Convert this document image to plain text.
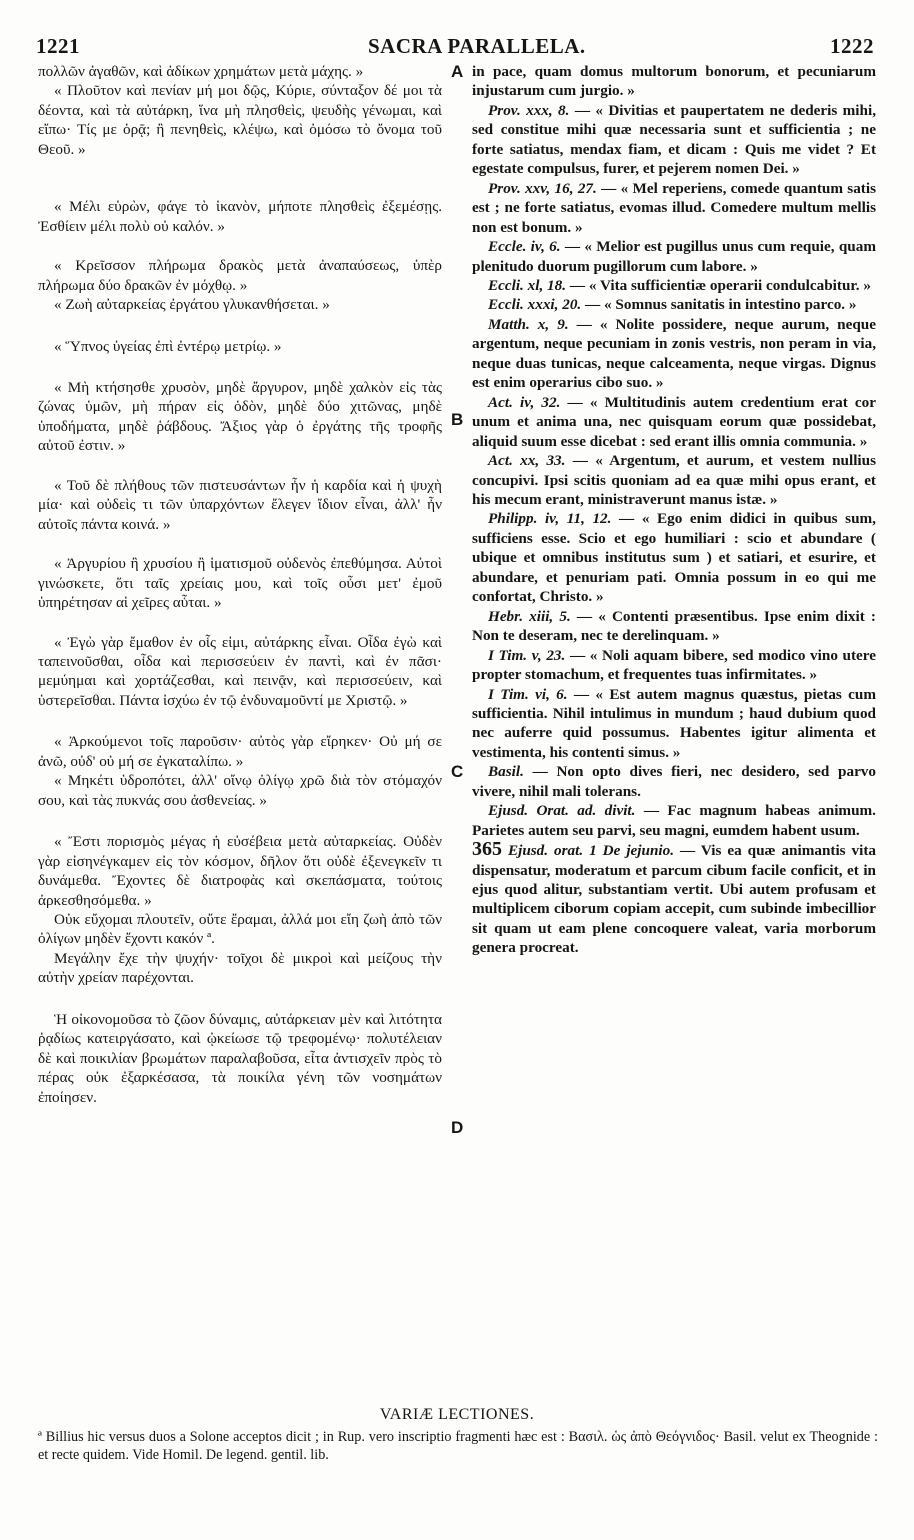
1221	SACRA PARALLELA.	1222
πολλῶν ἀγαθῶν, καὶ ἀδίκων χρημάτων μετὰ μάχης. »
« Πλοῦτον καὶ πενίαν μή μοι δῷς, Κύριε, σύνταξον δέ μοι τὰ δέοντα, καὶ τὰ αὐτάρκη, ἵνα μὴ πλησθεὶς, ψευδὴς γένωμαι, καὶ εἴπω· Τίς με ὁρᾷ; ἢ πενηθεὶς, κλέψω, καὶ ὀμόσω τὸ ὄνομα τοῦ Θεοῦ. »
« Μέλι εὑρὼν, φάγε τὸ ἱκανὸν, μήποτε πλησθεὶς ἐξεμέσῃς. Ἐσθίειν μέλι πολὺ οὐ καλόν. »
« Κρεῖσσον πλήρωμα δρακὸς μετὰ ἀναπαύσεως, ὑπὲρ πλήρωμα δύο δρακῶν ἐν μόχθῳ. »
« Ζωὴ αὐταρκείας ἐργάτου γλυκανθήσεται. »
« Ὕπνος ὑγείας ἐπὶ ἐντέρῳ μετρίῳ. »
« Μὴ κτήσησθε χρυσὸν, μηδὲ ἄργυρον, μηδὲ χαλκὸν εἰς τὰς ζώνας ὑμῶν, μὴ πήραν εἰς ὁδὸν, μηδὲ δύο χιτῶνας, μηδὲ ὑποδήματα, μηδὲ ῥάβδους. Ἄξιος γὰρ ὁ ἐργάτης τῆς τροφῆς αὐτοῦ ἐστιν. »
« Τοῦ δὲ πλήθους τῶν πιστευσάντων ἦν ἡ καρδία καὶ ἡ ψυχὴ μία· καὶ οὐδεὶς τι τῶν ὑπαρχόντων ἔλεγεν ἴδιον εἶναι, ἀλλ' ἦν αὐτοῖς πάντα κοινά. »
« Ἀργυρίου ἢ χρυσίου ἢ ἱματισμοῦ οὐδενὸς ἐπεθύμησα. Αὐτοὶ γινώσκετε, ὅτι ταῖς χρείαις μου, καὶ τοῖς οὖσι μετ' ἐμοῦ ὑπηρέτησαν αἱ χεῖρες αὗται. »
« Ἐγὼ γὰρ ἔμαθον ἐν οἷς εἰμι, αὐτάρκης εἶναι. Οἶδα ἐγὼ καὶ ταπεινοῦσθαι, οἶδα καὶ περισσεύειν ἐν παντὶ, καὶ ἐν πᾶσι· μεμύημαι καὶ χορτάζεσθαι, καὶ πεινᾷν, καὶ περισσεύειν, καὶ ὑστερεῖσθαι. Πάντα ἰσχύω ἐν τῷ ἐνδυναμοῦντί με Χριστῷ. »
« Ἀρκούμενοι τοῖς παροῦσιν· αὐτὸς γὰρ εἴρηκεν· Οὐ μή σε ἀνῶ, οὐδ' οὐ μή σε ἐγκαταλίπω. »
« Μηκέτι ὑδροπότει, ἀλλ' οἴνῳ ὀλίγῳ χρῶ διὰ τὸν στόμαχόν σου, καὶ τὰς πυκνάς σου ἀσθενείας. »
« Ἔστι πορισμὸς μέγας ἡ εὐσέβεια μετὰ αὐταρκείας. Οὐδὲν γὰρ εἰσηνέγκαμεν εἰς τὸν κόσμον, δῆλον ὅτι οὐδὲ ἐξενεγκεῖν τι δυνάμεθα. Ἔχοντες δὲ διατροφὰς καὶ σκεπάσματα, τούτοις ἀρκεσθησόμεθα. »
Οὐκ εὔχομαι πλουτεῖν, οὔτε ἔραμαι, ἀλλά μοι εἴη ζωὴ ἀπὸ τῶν ὀλίγων μηδὲν ἔχοντι κακόν ª.
Μεγάλην ἔχε τὴν ψυχήν· τοῖχοι δὲ μικροὶ καὶ μείζους τὴν αὐτὴν χρείαν παρέχονται.
Ἡ οἰκονομοῦσα τὸ ζῶον δύναμις, αὐτάρκειαν μὲν καὶ λιτότητα ῥᾳδίως κατειργάσατο, καὶ ᾠκείωσε τῷ τρεφομένῳ· πολυτέλειαν δὲ καὶ ποικιλίαν βρωμάτων παραλαβοῦσα, εἶτα ἀντισχεῖν πρὸς τὸ πέρας οὐκ ἐξαρκέσασα, τὰ ποικίλα γένη τῶν νοσημάτων ἐποίησεν.
in pace, quam domus multorum bonorum, et pecuniarum injustarum cum jurgio. »
Prov. xxx, 8. — « Divitias et paupertatem ne dederis mihi, sed constitue mihi quæ necessaria sunt et sufficientia ; ne forte satiatus, mendax fiam, et dicam : Quis me videt ? Et egestate compulsus, furer, et pejerem nomen Dei. »
Prov. xxv, 16, 27. — « Mel reperiens, comede quantum satis est ; ne forte satiatus, evomas illud. Comedere multum mellis non est bonum. »
Eccle. iv, 6. — « Melior est pugillus unus cum requie, quam plenitudo duorum pugillorum cum labore. »
Eccli. xl, 18. — « Vita sufficientiæ operarii condulcabitur. »
Eccli. xxxi, 20. — « Somnus sanitatis in intestino parco. »
Matth. x, 9. — « Nolite possidere, neque aurum, neque argentum, neque pecuniam in zonis vestris, non peram in via, neque duas tunicas, neque calceamenta, neque virgas. Dignus est enim operarius cibo suo. »
Act. iv, 32. — « Multitudinis autem credentium erat cor unum et anima una, nec quisquam eorum quæ possidebat, aliquid suum esse dicebat : sed erant illis omnia communia. »
Act. xx, 33. — « Argentum, et aurum, et vestem nullius concupivi. Ipsi scitis quoniam ad ea quæ mihi opus erant, et his mecum erant, ministraverunt manus istæ. »
Philipp. iv, 11, 12. — « Ego enim didici in quibus sum, sufficiens esse. Scio et ego humiliari : scio et abundare ( ubique et omnibus institutus sum ) et satiari, et esurire, et abundare, et penuriam pati. Omnia possum in eo qui me confortat, Christo. »
Hebr. xiii, 5. — « Contenti præsentibus. Ipse enim dixit : Non te deseram, nec te derelinquam. »
I Tim. v, 23. — « Noli aquam bibere, sed modico vino utere propter stomachum, et frequentes tuas infirmitates. »
I Tim. vi, 6. — « Est autem magnus quæstus, pietas cum sufficientia. Nihil intulimus in mundum ; haud dubium quod nec auferre quid possumus. Habentes igitur alimenta et vestimenta, his contenti simus. »
Basil. — Non opto dives fieri, nec desidero, sed parvo vivere, nihil mali tolerans.
Ejusd. Orat. ad. divit. — Fac magnum habeas animum. Parietes autem seu parvi, seu magni, eumdem habent usum.
365 Ejusd. orat. 1 De jejunio. — Vis ea quæ animantis vita dispensatur, moderatum et parcum cibum facile conficit, et in ejus quod alitur, substantiam vertit. Ubi autem profusam et multiplicem ciborum copiam accepit, cum subinde imbecillior sit quam ut eam plene concoquere valeat, varia morborum genera procreat.
A
B
C
D
VARIÆ LECTIONES.
ª Billius hic versus duos a Solone acceptos dicit ; in Rup. vero inscriptio fragmenti hæc est : Βασιλ. ὡς ἀπὸ Θεόγνιδος· Basil. velut ex Theognide : et recte quidem. Vide Homil. De legend. gentil. lib.
